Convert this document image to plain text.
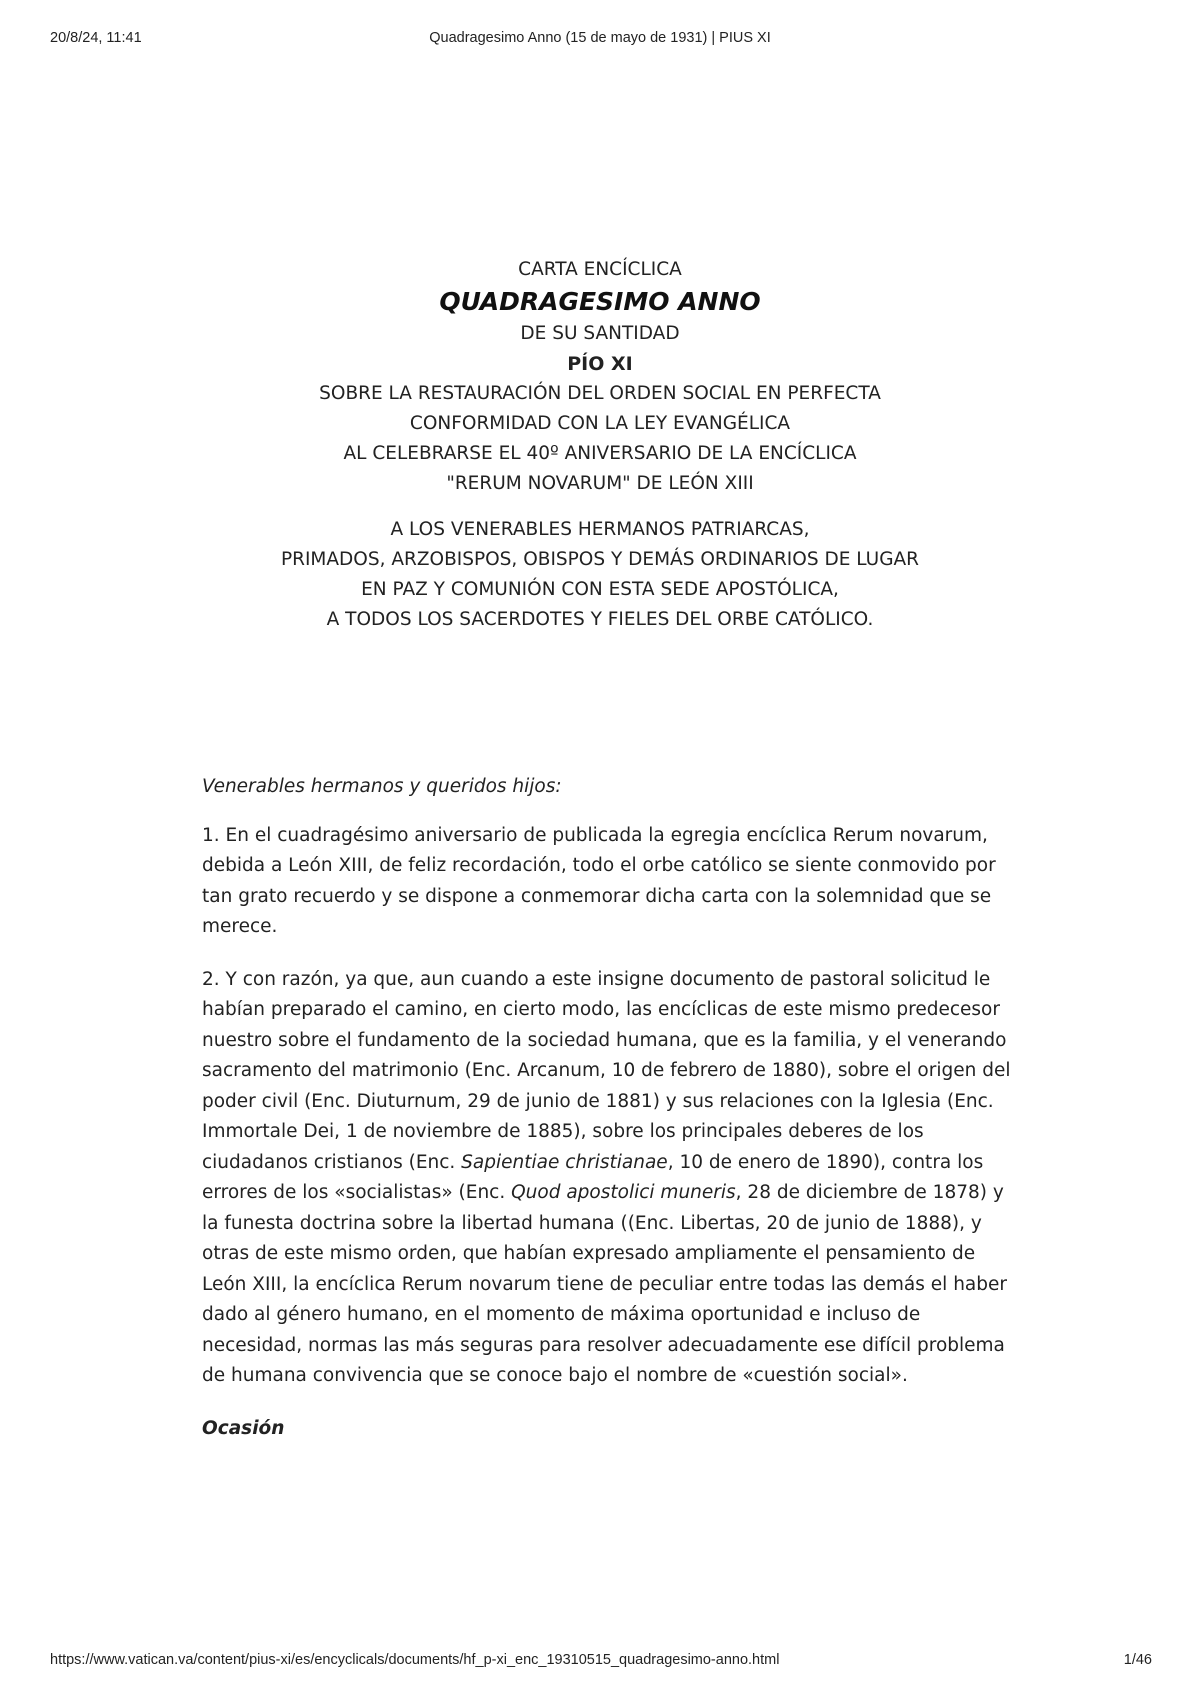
20/8/24, 11:41	Quadragesimo Anno (15 de mayo de 1931) | PIUS XI
CARTA ENCÍCLICA
QUADRAGESIMO ANNO
DE SU SANTIDAD
PÍO XI
SOBRE LA RESTAURACIÓN DEL ORDEN SOCIAL EN PERFECTA
CONFORMIDAD CON LA LEY EVANGÉLICA
AL CELEBRARSE EL 40º ANIVERSARIO DE LA ENCÍCLICA
"RERUM NOVARUM" DE LEÓN XIII
A LOS VENERABLES HERMANOS PATRIARCAS,
PRIMADOS, ARZOBISPOS, OBISPOS Y DEMÁS ORDINARIOS DE LUGAR
EN PAZ Y COMUNIÓN CON ESTA SEDE APOSTÓLICA,
A TODOS LOS SACERDOTES Y FIELES DEL ORBE CATÓLICO.

Venerables hermanos y queridos hijos:

1. En el cuadragésimo aniversario de publicada la egregia encíclica Rerum novarum, debida a León XIII, de feliz recordación, todo el orbe católico se siente conmovido por tan grato recuerdo y se dispone a conmemorar dicha carta con la solemnidad que se merece.

2. Y con razón, ya que, aun cuando a este insigne documento de pastoral solicitud le habían preparado el camino, en cierto modo, las encíclicas de este mismo predecesor nuestro sobre el fundamento de la sociedad humana, que es la familia, y el venerando sacramento del matrimonio (Enc. Arcanum, 10 de febrero de 1880), sobre el origen del poder civil (Enc. Diuturnum, 29 de junio de 1881) y sus relaciones con la Iglesia (Enc. Immortale Dei, 1 de noviembre de 1885), sobre los principales deberes de los ciudadanos cristianos (Enc. Sapientiae christianae, 10 de enero de 1890), contra los errores de los «socialistas» (Enc. Quod apostolici muneris, 28 de diciembre de 1878) y la funesta doctrina sobre la libertad humana ((Enc. Libertas, 20 de junio de 1888), y otras de este mismo orden, que habían expresado ampliamente el pensamiento de León XIII, la encíclica Rerum novarum tiene de peculiar entre todas las demás el haber dado al género humano, en el momento de máxima oportunidad e incluso de necesidad, normas las más seguras para resolver adecuadamente ese difícil problema de humana convivencia que se conoce bajo el nombre de «cuestión social».

Ocasión

https://www.vatican.va/content/pius-xi/es/encyclicals/documents/hf_p-xi_enc_19310515_quadragesimo-anno.html	1/46
